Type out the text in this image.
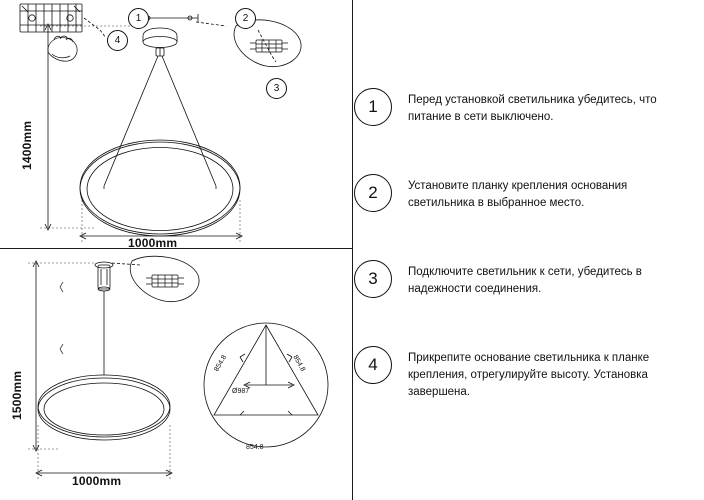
1400mm
1000mm
1	2
3
4
1500mm
1000mm
854.8	854.8
854.8
Ø987
1	Перед установкой светильника убедитесь, что питание в сети выключено.
2	Установите планку крепления основания светильника в выбранное место.
3	Подключите светильник к сети, убедитесь в надежности соединения.
4	Прикрепите основание светильника к планке крепления, отрегулируйте высоту. Установка завершена.
